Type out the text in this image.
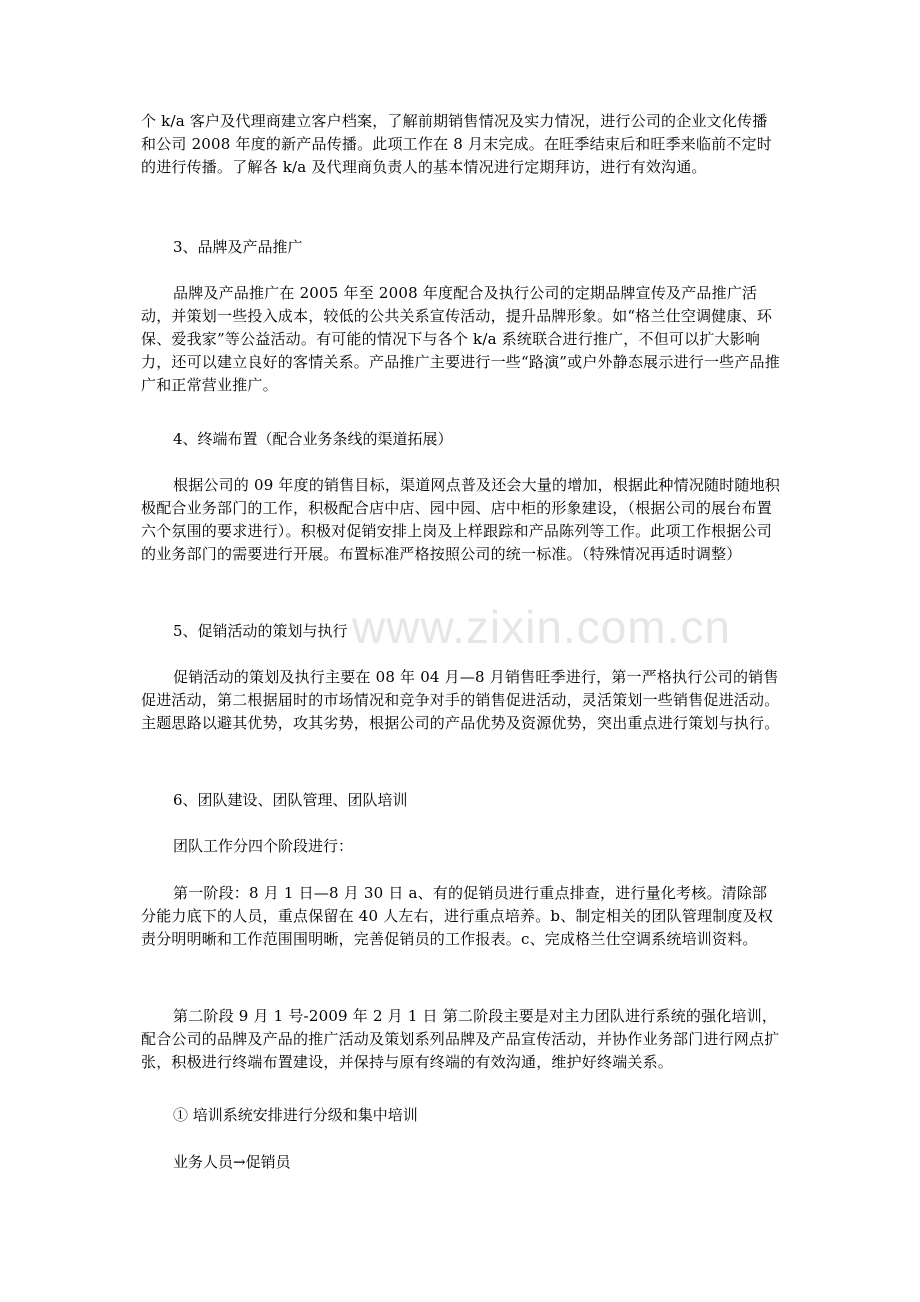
www.zixin.com.cn

个 k/a 客户及代理商建立客户档案，了解前期销售情况及实力情况，进行公司的企业文化传播和公司 2008 年度的新产品传播。此项工作在 8 月末完成。在旺季结束后和旺季来临前不定时的进行传播。了解各 k/a 及代理商负责人的基本情况进行定期拜访，进行有效沟通。

3、品牌及产品推广

品牌及产品推广在 2005 年至 2008 年度配合及执行公司的定期品牌宣传及产品推广活动，并策划一些投入成本，较低的公共关系宣传活动，提升品牌形象。如“格兰仕空调健康、环保、爱我家”等公益活动。有可能的情况下与各个 k/a 系统联合进行推广，不但可以扩大影响力，还可以建立良好的客情关系。产品推广主要进行一些“路演”或户外静态展示进行一些产品推广和正常营业推广。

4、终端布置（配合业务条线的渠道拓展）

根据公司的 09 年度的销售目标，渠道网点普及还会大量的增加，根据此种情况随时随地积极配合业务部门的工作，积极配合店中店、园中园、店中柜的形象建设，（根据公司的展台布置六个氛围的要求进行）。积极对促销安排上岗及上样跟踪和产品陈列等工作。此项工作根据公司的业务部门的需要进行开展。布置标准严格按照公司的统一标准。（特殊情况再适时调整）

5、促销活动的策划与执行

促销活动的策划及执行主要在 08 年 04 月—8 月销售旺季进行，第一严格执行公司的销售促进活动，第二根据届时的市场情况和竞争对手的销售促进活动，灵活策划一些销售促进活动。主题思路以避其优势，攻其劣势，根据公司的产品优势及资源优势，突出重点进行策划与执行。

6、团队建设、团队管理、团队培训

团队工作分四个阶段进行：

第一阶段：8 月 1 日—8 月 30 日 a、有的促销员进行重点排查，进行量化考核。清除部分能力底下的人员，重点保留在 40 人左右，进行重点培养。b、制定相关的团队管理制度及权责分明明晰和工作范围围明晰，完善促销员的工作报表。c、完成格兰仕空调系统培训资料。

第二阶段 9 月 1 号-2009 年 2 月 1 日 第二阶段主要是对主力团队进行系统的强化培训，配合公司的品牌及产品的推广活动及策划系列品牌及产品宣传活动，并协作业务部门进行网点扩张，积极进行终端布置建设，并保持与原有终端的有效沟通，维护好终端关系。

① 培训系统安排进行分级和集中培训

业务人员→促销员
